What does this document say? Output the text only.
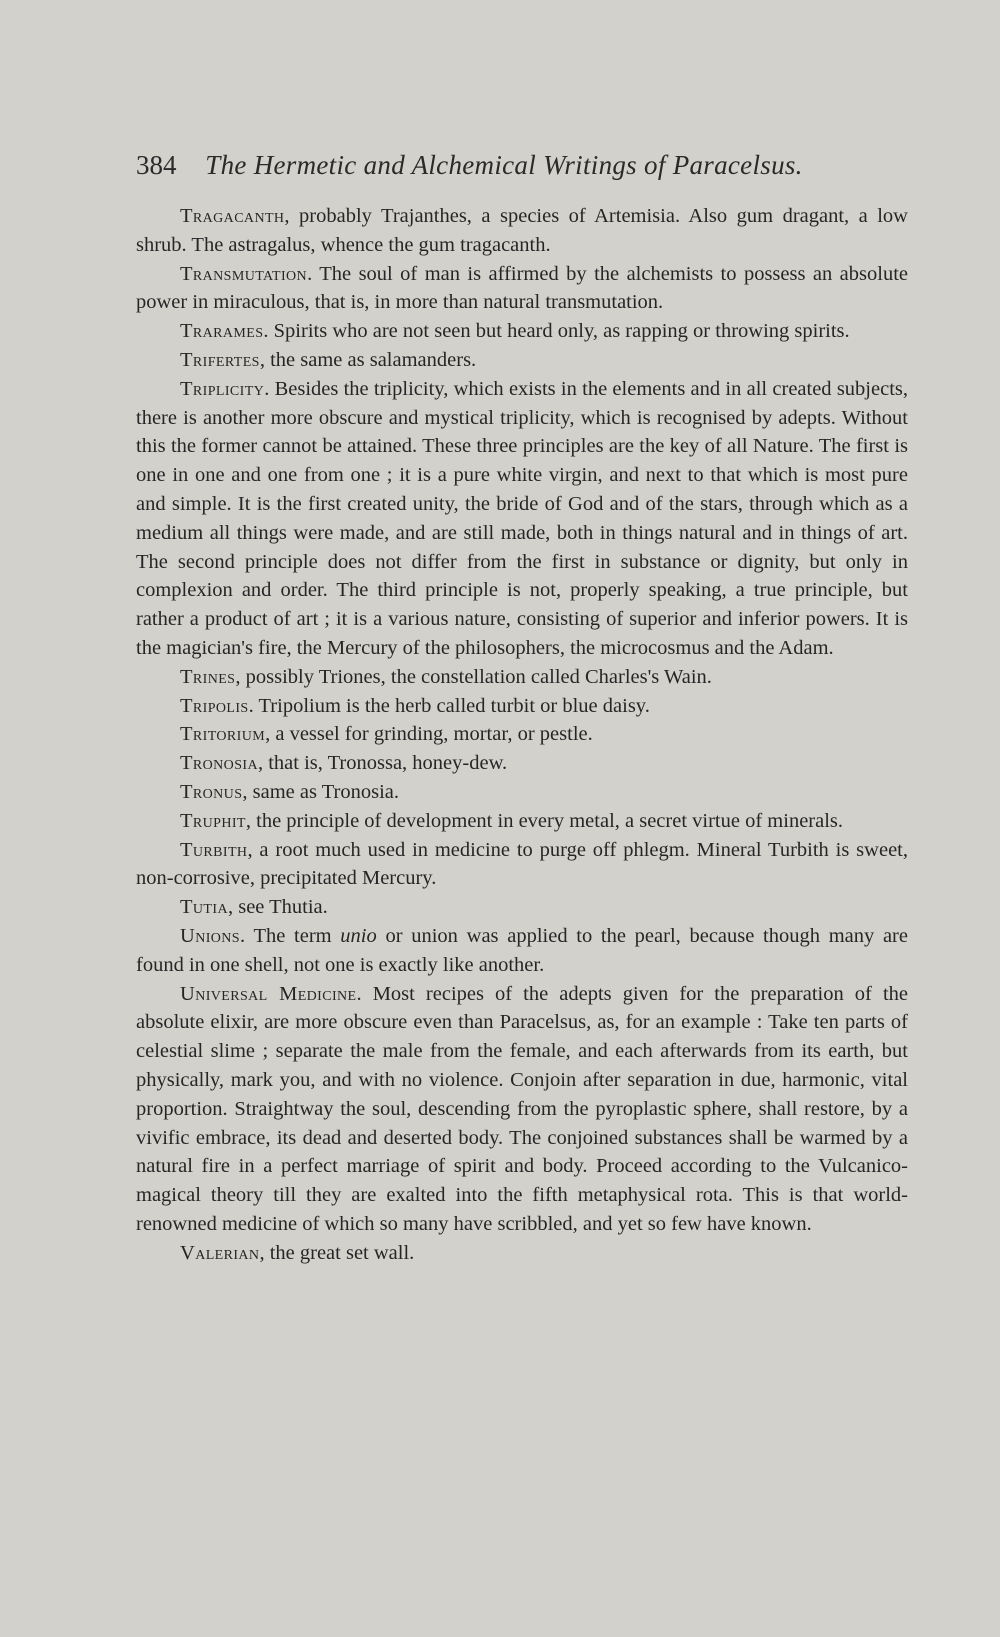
384 The Hermetic and Alchemical Writings of Paracelsus.

Tragacanth, probably Trajanthes, a species of Artemisia. Also gum dragant, a low shrub. The astragalus, whence the gum tragacanth.

Transmutation. The soul of man is affirmed by the alchemists to possess an absolute power in miraculous, that is, in more than natural transmutation.

Trarames. Spirits who are not seen but heard only, as rapping or throwing spirits.

Trifertes, the same as salamanders.

Triplicity. Besides the triplicity, which exists in the elements and in all created subjects, there is another more obscure and mystical triplicity, which is recognised by adepts. Without this the former cannot be attained. These three principles are the key of all Nature. The first is one in one and one from one ; it is a pure white virgin, and next to that which is most pure and simple. It is the first created unity, the bride of God and of the stars, through which as a medium all things were made, and are still made, both in things natural and in things of art. The second principle does not differ from the first in substance or dignity, but only in complexion and order. The third principle is not, properly speaking, a true principle, but rather a product of art ; it is a various nature, consisting of superior and inferior powers. It is the magician's fire, the Mercury of the philosophers, the microcosmus and the Adam.

Trines, possibly Triones, the constellation called Charles's Wain.

Tripolis. Tripolium is the herb called turbit or blue daisy.

Tritorium, a vessel for grinding, mortar, or pestle.

Tronosia, that is, Tronossa, honey-dew.

Tronus, same as Tronosia.

Truphit, the principle of development in every metal, a secret virtue of minerals.

Turbith, a root much used in medicine to purge off phlegm. Mineral Turbith is sweet, non-corrosive, precipitated Mercury.

Tutia, see Thutia.

Unions. The term unio or union was applied to the pearl, because though many are found in one shell, not one is exactly like another.

Universal Medicine. Most recipes of the adepts given for the preparation of the absolute elixir, are more obscure even than Paracelsus, as, for an example : Take ten parts of celestial slime ; separate the male from the female, and each afterwards from its earth, but physically, mark you, and with no violence. Conjoin after separation in due, harmonic, vital proportion. Straightway the soul, descending from the pyroplastic sphere, shall restore, by a vivific embrace, its dead and deserted body. The conjoined substances shall be warmed by a natural fire in a perfect marriage of spirit and body. Proceed according to the Vulcanico-magical theory till they are exalted into the fifth metaphysical rota. This is that world-renowned medicine of which so many have scribbled, and yet so few have known.

Valerian, the great set wall.
